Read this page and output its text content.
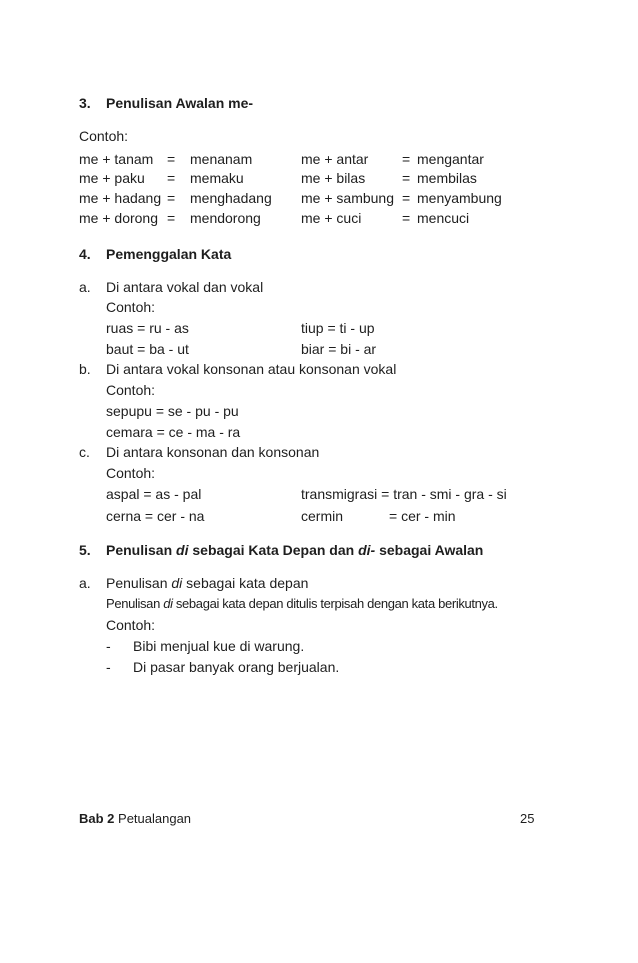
3. Penulisan Awalan me-
Contoh:
me + tanam = menanam	me + antar = mengantar
me + paku = memaku	me + bilas	= membilas
me + hadang = menghadang me + sambung = menyambung
me + dorong = mendorong	me + cuci	= mencuci
4. Pemenggalan Kata
a. Di antara vokal dan vokal
Contoh:
ruas = ru - as	tiup = ti - up
baut = ba - ut	biar = bi - ar
b. Di antara vokal konsonan atau konsonan vokal
Contoh:
sepupu = se - pu - pu
cemara = ce - ma - ra
c. Di antara konsonan dan konsonan
Contoh:
aspal = as - pal	transmigrasi = tran - smi - gra - si
cerna = cer - na	cermin	= cer - min
5. Penulisan di sebagai Kata Depan dan di- sebagai Awalan
a. Penulisan di sebagai kata depan
Penulisan di sebagai kata depan ditulis terpisah dengan kata berikutnya.
Contoh:
- Bibi menjual kue di warung.
- Di pasar banyak orang berjualan.
Bab 2 Petualangan	25
